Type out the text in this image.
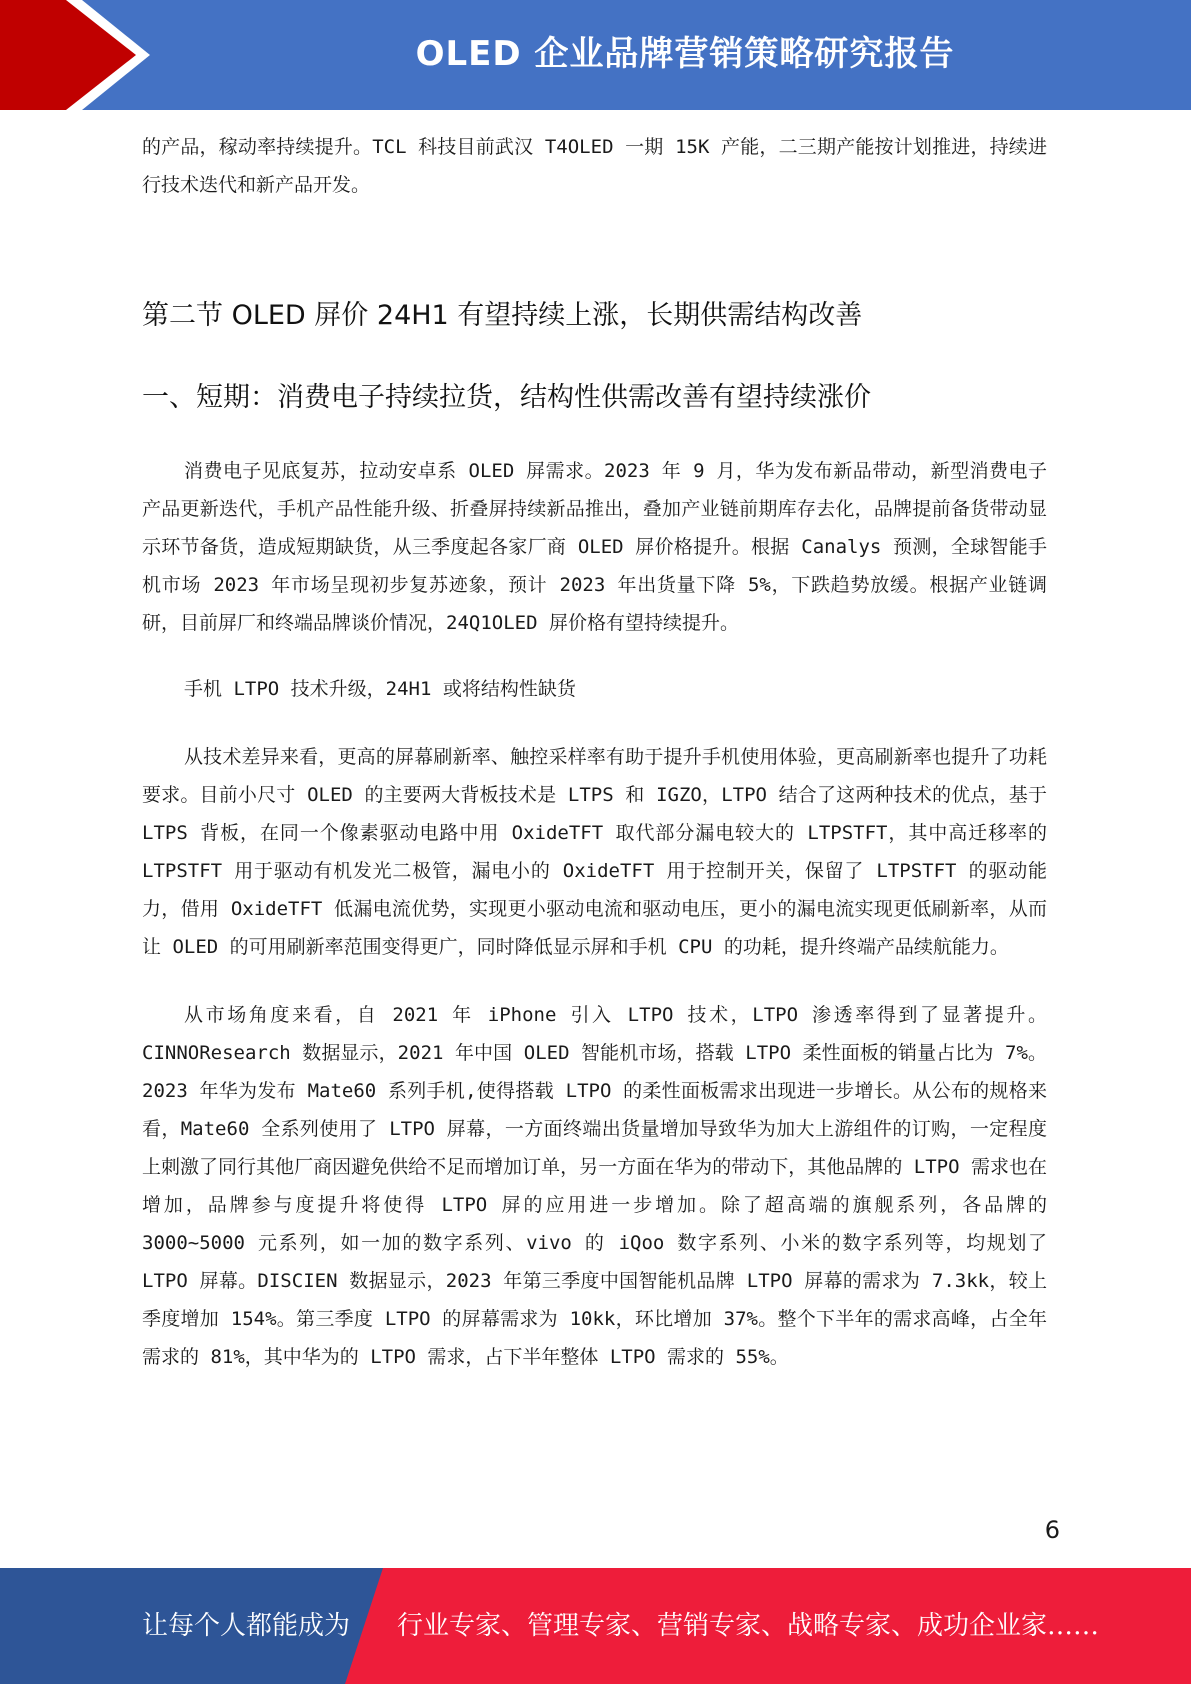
OLED 企业品牌营销策略研究报告

的产品，稼动率持续提升。TCL 科技目前武汉 T4OLED 一期 15K 产能，二三期产能按计划推进，持续进行技术迭代和新产品开发。

第二节 OLED 屏价 24H1 有望持续上涨，长期供需结构改善
一、短期：消费电子持续拉货，结构性供需改善有望持续涨价

消费电子见底复苏，拉动安卓系 OLED 屏需求。2023 年 9 月，华为发布新品带动，新型消费电子产品更新迭代，手机产品性能升级、折叠屏持续新品推出，叠加产业链前期库存去化，品牌提前备货带动显示环节备货，造成短期缺货，从三季度起各家厂商 OLED 屏价格提升。根据 Canalys 预测，全球智能手机市场 2023 年市场呈现初步复苏迹象，预计 2023 年出货量下降 5%，下跌趋势放缓。根据产业链调研，目前屏厂和终端品牌谈价情况，24Q1OLED 屏价格有望持续提升。

手机 LTPO 技术升级，24H1 或将结构性缺货

从技术差异来看，更高的屏幕刷新率、触控采样率有助于提升手机使用体验，更高刷新率也提升了功耗要求。目前小尺寸 OLED 的主要两大背板技术是 LTPS 和 IGZO，LTPO 结合了这两种技术的优点，基于 LTPS 背板，在同一个像素驱动电路中用 OxideTFT 取代部分漏电较大的 LTPSTFT，其中高迁移率的 LTPSTFT 用于驱动有机发光二极管，漏电小的 OxideTFT 用于控制开关，保留了 LTPSTFT 的驱动能力，借用 OxideTFT 低漏电流优势，实现更小驱动电流和驱动电压，更小的漏电流实现更低刷新率，从而让 OLED 的可用刷新率范围变得更广，同时降低显示屏和手机 CPU 的功耗，提升终端产品续航能力。

从市场角度来看，自 2021 年 iPhone 引入 LTPO 技术，LTPO 渗透率得到了显著提升。CINNOResearch 数据显示，2021 年中国 OLED 智能机市场，搭载 LTPO 柔性面板的销量占比为 7%。2023 年华为发布 Mate60 系列手机,使得搭载 LTPO 的柔性面板需求出现进一步增长。从公布的规格来看，Mate60 全系列使用了 LTPO 屏幕，一方面终端出货量增加导致华为加大上游组件的订购，一定程度上刺激了同行其他厂商因避免供给不足而增加订单，另一方面在华为的带动下，其他品牌的 LTPO 需求也在增加，品牌参与度提升将使得 LTPO 屏的应用进一步增加。除了超高端的旗舰系列，各品牌的 3000~5000 元系列，如一加的数字系列、vivo 的 iQoo 数字系列、小米的数字系列等，均规划了 LTPO 屏幕。DISCIEN 数据显示，2023 年第三季度中国智能机品牌 LTPO 屏幕的需求为 7.3kk，较上季度增加 154%。第三季度 LTPO 的屏幕需求为 10kk，环比增加 37%。整个下半年的需求高峰，占全年需求的 81%，其中华为的 LTPO 需求，占下半年整体 LTPO 需求的 55%。

6
让每个人都能成为 行业专家、管理专家、营销专家、战略专家、成功企业家……
